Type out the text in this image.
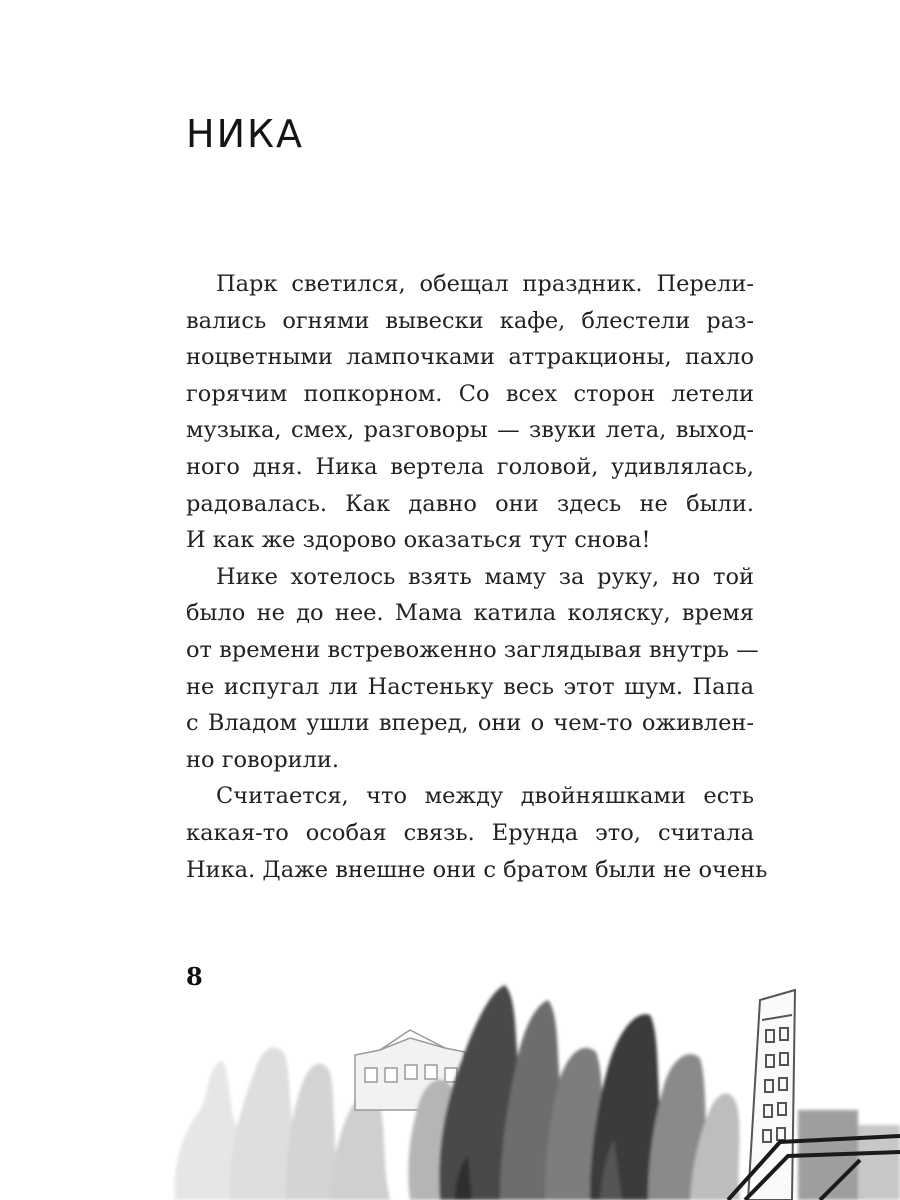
НИКА
Парк светился, обещал праздник. Перели-
вались огнями вывески кафе, блестели раз-
ноцветными лампочками аттракционы, пахло
горячим попкорном. Со всех сторон летели
музыка, смех, разговоры — звуки лета, выход-
ного дня. Ника вертела головой, удивлялась,
радовалась. Как давно они здесь не были.
И как же здорово оказаться тут снова!
Нике хотелось взять маму за руку, но той
было не до нее. Мама катила коляску, время
от времени встревоженно заглядывая внутрь —
не испугал ли Настеньку весь этот шум. Папа
с Владом ушли вперед, они о чем-то оживлен-
но говорили.
Считается, что между двойняшками есть
какая-то особая связь. Ерунда это, считала
Ника. Даже внешне они с братом были не очень
8
